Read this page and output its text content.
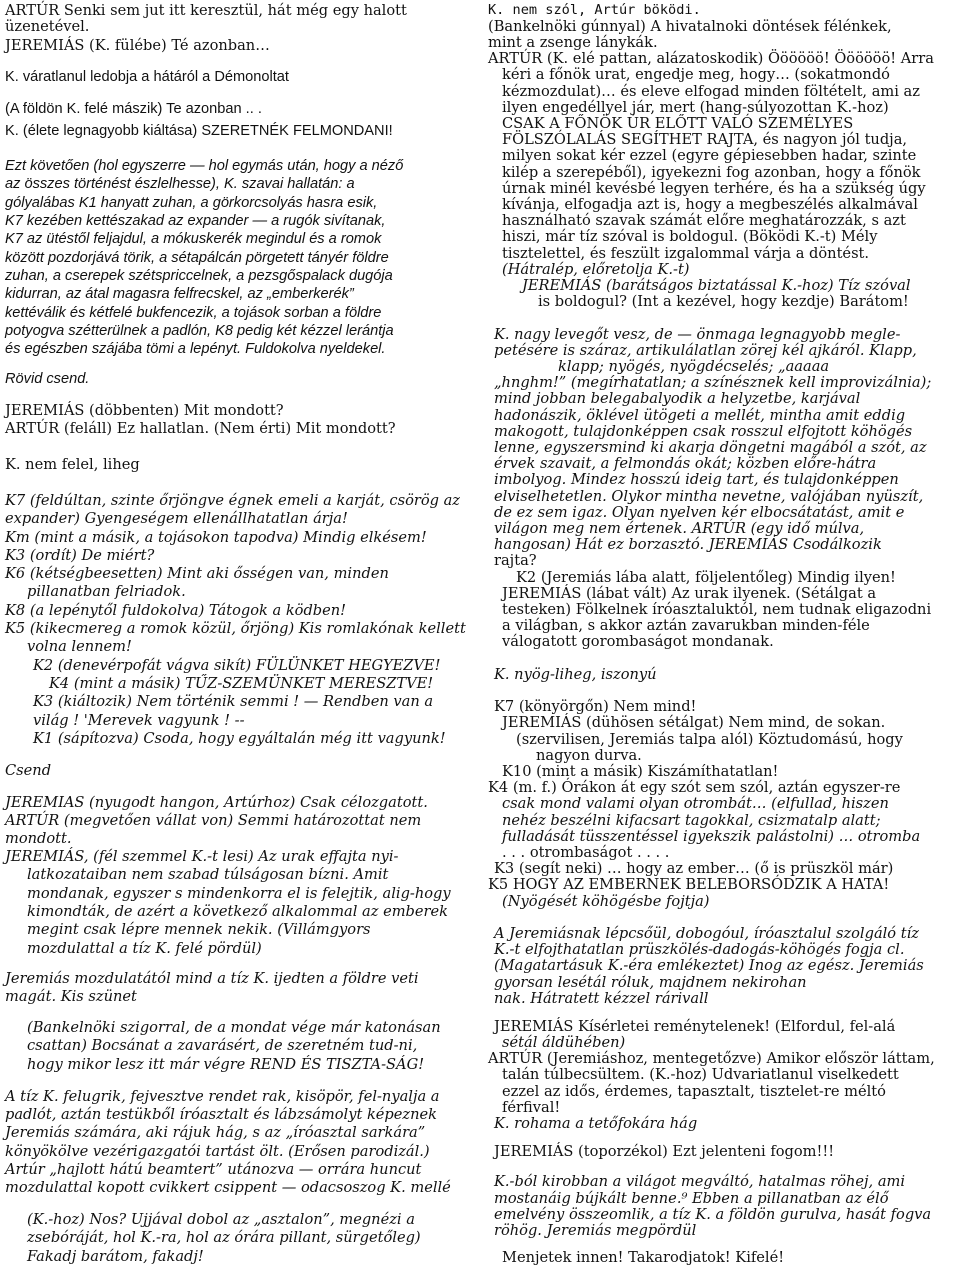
ARTÚR Senki sem jut itt keresztül, hát még egy halott
üzenetével.
JEREMIÁS (K. fülébe) Té azonban…
K. váratlanul ledobja a hátáról a Démonoltat
(A földön K. felé mászik) Te azonban .. .
K. (élete legnagyobb kiáltása) SZERETNÉK FELMONDANI!
Ezt követően (hol egyszerre — hol egymás után, hogy a néző
az összes történést észlelhesse), K. szavai hallatán: a
gólyalábas K1 hanyatt zuhan, a görkorcsolyás hasra esik,
K7 kezében kettészakad az expander — a rugók sivítanak,
K7 az ütéstől feljajdul, a mókuskerék megindul és a romok
között pozdorjává törik, a sétapálcán pörgetett tányér földre
zuhan, a cserepek szétspriccelnek, a pezsgőspalack dugója
kidurran, az átal magasra felfrecskel, az „emberkerék”
kettéválik és kétfelé bukfencezik, a tojások sorban a földre
potyogva szétterülnek a padlón, K8 pedig két kézzel lerántja
és egészben szájába tömi a lepényt. Fuldokolva nyeldekel.
Rövid csend.
JEREMIÁS (döbbenten) Mit mondott?
ARTÚR (feláll) Ez hallatlan. (Nem érti) Mit mondott?
K. nem felel, liheg
K7 (feldúltan, szinte őrjöngve égnek emeli a karját, csörög az
expander) Gyengeségem ellenállhatatlan árja!
Km (mint a másik, a tojásokon tapodva) Mindig elkésem!
K3 (ordít) De miért?
K6 (kétségbeesetten) Mint aki ősségen van, minden
pillanatban felriadok.
K8 (a lepénytől fuldokolva) Tátogok a ködben!
K5 (kikecmereg a romok közül, őrjöng) Kis romlakónak kellett
volna lennem!
K2 (denevérpofát vágva sikít) FÜLÜNKET HEGYEZVE!
K4 (mint a másik) TŰZ-SZEMÜNKET MERESZTVE!
K3 (kiáltozik) Nem történik semmi ! — Rendben van a
világ ! 'Merevek vagyunk ! --
K1 (sápítozva) Csoda, hogy egyáltalán még itt vagyunk!
Csend
JEREMIAS (nyugodt hangon, Artúrhoz) Csak célozgatott.
ARTÚR (megvetően vállat von) Semmi határozottat nem
mondott.
JEREMIÁS, (fél szemmel K.-t lesi) Az urak effajta nyi-
latkozataiban nem szabad túlságosan bízni. Amit
mondanak, egyszer s mindenkorra el is felejtik, alig-hogy
kimondták, de azért a következő alkalommal az emberek
megint csak lépre mennek nekik. (Villámgyors
mozdulattal a tíz K. felé pördül)
Jeremiás mozdulatától mind a tíz K. ijedten a földre veti
magát. Kis szünet
(Bankelnöki szigorral, de a mondat vége már katonásan
csattan) Bocsánat a zavarásért, de szeretném tud-ni,
hogy mikor lesz itt már végre REND ÉS TISZTA-SÁG!
A tíz K. felugrik, fejvesztve rendet rak, kisöpör, fel-nyalja a
padlót, aztán testükből íróasztalt és lábzsámolyt képeznek
Jeremiás számára, aki rájuk hág, s az „íróasztal sarkára”
könyökölve vezérigazgatói tartást ölt. (Erősen parodizál.)
Artúr „hajlott hátú beamtert” utánozva — orrára huncut
mozdulattal kopott cvikkert csippent — odacsoszog K. mellé
(K.-hoz) Nos? Ujjával dobol az „asztalon”, megnézi a
zsebóráját, hol K.-ra, hol az órára pillant, sürgetőleg)
Fakadj barátom, fakadj!
K. nem szól, Artúr böködi.
(Bankelnöki gúnnyal) A hivatalnoki döntések félénkek,
mint a zsenge lánykák.
ARTÚR (K. elé pattan, alázatoskodik) Öööööö! Öööööö! Arra
kéri a főnök urat, engedje meg, hogy… (sokatmondó
kézmozdulat)… és eleve elfogad minden föltételt, ami az
ilyen engedéllyel jár, mert (hang-súlyozottan K.-hoz)
CSAK A FŐNÖK ÚR ELŐTT VALÓ SZEMÉLYES
FÖLSZÓLALÁS SEGÍTHET RAJTA, és nagyon jól tudja,
milyen sokat kér ezzel (egyre gépiesebben hadar, szinte
kilép a szerepéből), igyekezni fog azonban, hogy a főnök
úrnak minél kevésbé legyen terhére, és ha a szükség úgy
kívánja, elfogadja azt is, hogy a megbeszélés alkalmával
használható szavak számát előre meghatározzák, s azt
hiszi, már tíz szóval is boldogul. (Böködi K.-t) Mély
tisztelettel, és feszült izgalommal várja a döntést.
(Hátralép, előretolja K.-t)
JEREMIÁS (barátságos biztatással K.-hoz) Tíz szóval
is boldogul? (Int a kezével, hogy kezdje) Barátom!
K. nagy levegőt vesz, de — önmaga legnagyobb megle-
petésére is száraz, artikulálatlan zörej kél ajkáról. Klapp,
klapp; nyögés, nyögdécselés; „aaaaa
„hnghm!” (megírhatatlan; a színésznek kell improvizálnia);
mind jobban belegabalyodik a helyzetbe, karjával
hadonászik, öklével ütögeti a mellét, mintha amit eddig
makogott, tulajdonképpen csak rosszul elfojtott köhögés
lenne, egyszersmind ki akarja döngetni magából a szót, az
érvek szavait, a felmondás okát; közben előre-hátra
imbolyog. Mindez hosszú ideig tart, és tulajdonképpen
elviselhetetlen. Olykor mintha nevetne, valójában nyüszít,
de ez sem igaz. Olyan nyelven kér elbocsátatást, amit e
világon meg nem értenek. ARTÚR (egy idő múlva,
hangosan) Hát ez borzasztó. JEREMIÁS Csodálkozik
rajta?
K2 (Jeremiás lába alatt, följelentőleg) Mindig ilyen!
JEREMIÁS (lábat vált) Az urak ilyenek. (Sétálgat a
testeken) Fölkelnek íróasztaluktól, nem tudnak eligazodni
a világban, s akkor aztán zavarukban minden-féle
válogatott gorombaságot mondanak.
K. nyög-liheg, iszonyú
K7 (könyörgőn) Nem mind!
JEREMIÁS (dühösen sétálgat) Nem mind, de sokan.
(szervilisen, Jeremiás talpa alól) Köztudomású, hogy
nagyon durva.
K10 (mint a másik) Kiszámíthatatlan!
K4 (m. f.) Órákon át egy szót sem szól, aztán egyszer-re
csak mond valami olyan otrombát… (elfullad, hiszen
nehéz beszélni kifacsart tagokkal, csizmatalp alatt;
fulladását tüsszentéssel igyekszik palástolni) … otromba
. . . otrombaságot . . . .
K3 (segít neki) … hogy az ember… (ő is prüszköl már)
K5 HOGY AZ EMBERNEK BELEBORSÓDZIK A HATA!
(Nyögését köhögésbe fojtja)
A Jeremiásnak lépcsőül, dobogóul, íróasztalul szolgáló tíz
K.-t elfojthatatlan prüszkölés-dadogás-köhögés fogja cl.
(Magatartásuk K.-éra emlékeztet) Inog az egész. Jeremiás
gyorsan lesétál róluk, majdnem nekirohan
nak. Hátratett kézzel rárivall
JEREMIÁS Kísérletei reménytelenek! (Elfordul, fel-alá
sétál áldühében)
ARTÚR (Jeremiáshoz, mentegetőzve) Amikor először láttam,
talán túlbecsültem. (K.-hoz) Udvariatlanul viselkedett
ezzel az idős, érdemes, tapasztalt, tisztelet-re méltó
férfival!
K. rohama a tetőfokára hág
JEREMIÁS (toporzékol) Ezt jelenteni fogom!!!
K.-ból kirobban a világot megváltó, hatalmas röhej, ami
mostanáig bújkált benne.⁹ Ebben a pillanatban az élő
emelvény összeomlik, a tíz K. a földön gurulva, hasát fogva
röhög. Jeremiás megpördül
Menjetek innen! Takarodjatok! Kifelé!
